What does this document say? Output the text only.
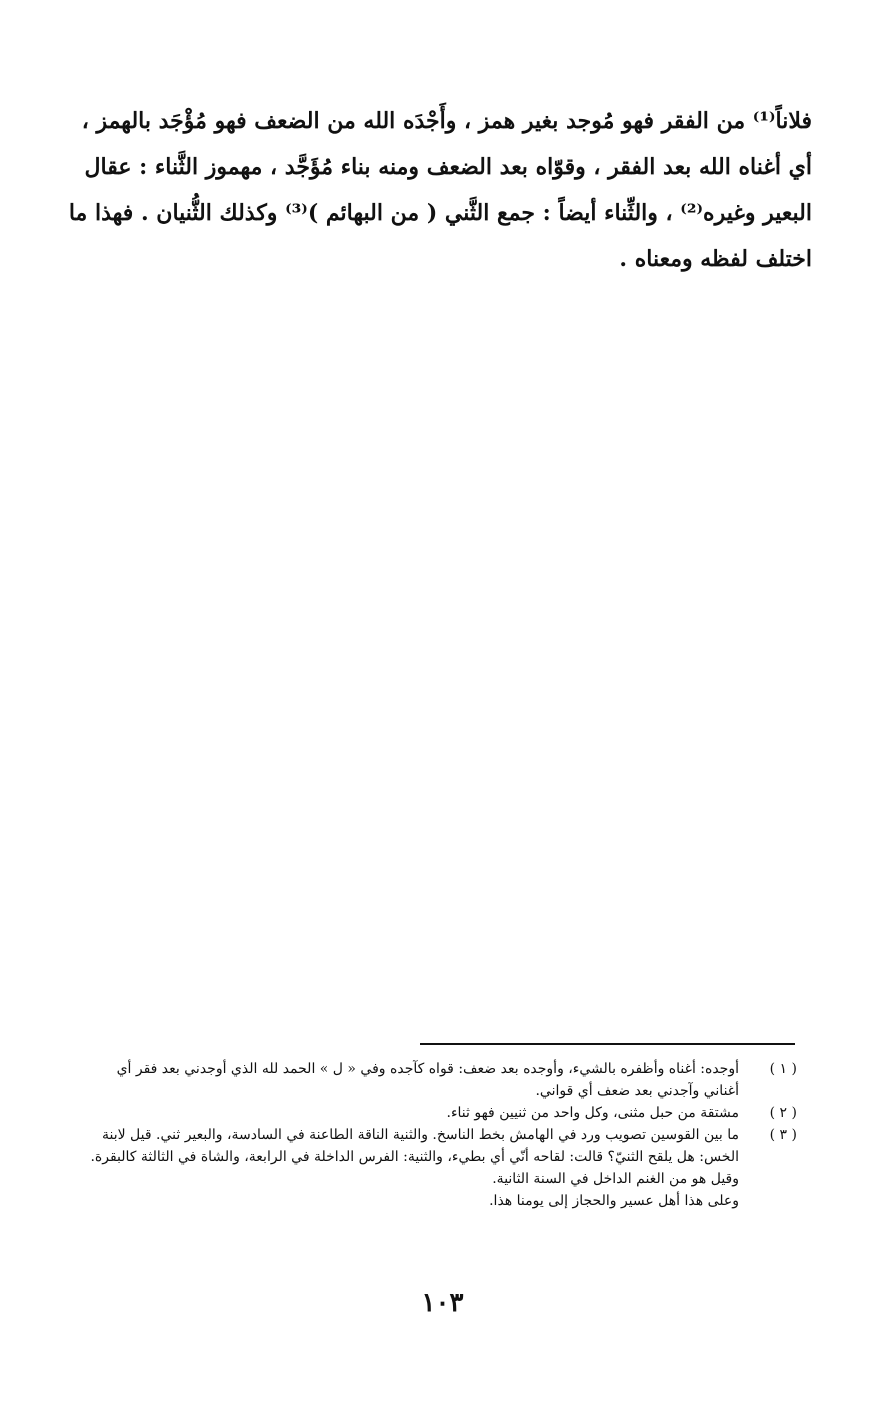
فلاناً⁽¹⁾ من الفقر فهو مُوجد بغير همز ، وأَجْدَه الله من الضعف فهو مُؤْجَد بالهمز ،
أي أغناه الله بعد الفقر ، وقوّاه بعد الضعف ومنه بناء مُؤَجَّد ، مهموز الثَّناء : عقال
البعير وغيره⁽²⁾ ، والثِّناء أيضاً : جمع الثَّني ( من البهائم )⁽³⁾ وكذلك الثُّنيان . فهذا ما
اختلف لفظه ومعناه .
( ١ )
أوجده: أغناه وأظفره بالشيء، وأوجده بعد ضعف: قواه كآجده وفي « ل » الحمد لله الذي أوجدني بعد فقر أي
أغناني وآجدني بعد ضعف أي قواني.
( ٢ )
مشتقة من حبل مثنى، وكل واحد من ثنيين فهو ثناء.
( ٣ )
ما بين القوسين تصويب ورد في الهامش بخط الناسخ. والثنية الناقة الطاعنة في السادسة، والبعير ثني. قيل لابنة
الخس: هل يلقح الثنيّ؟ قالت: لقاحه أنّي أي بطيء، والثنية: الفرس الداخلة في الرابعة، والشاة في الثالثة كالبقرة.
وقيل هو من الغنم الداخل في السنة الثانية.
وعلى هذا أهل عسير والحجاز إلى يومنا هذا.
١٠٣
